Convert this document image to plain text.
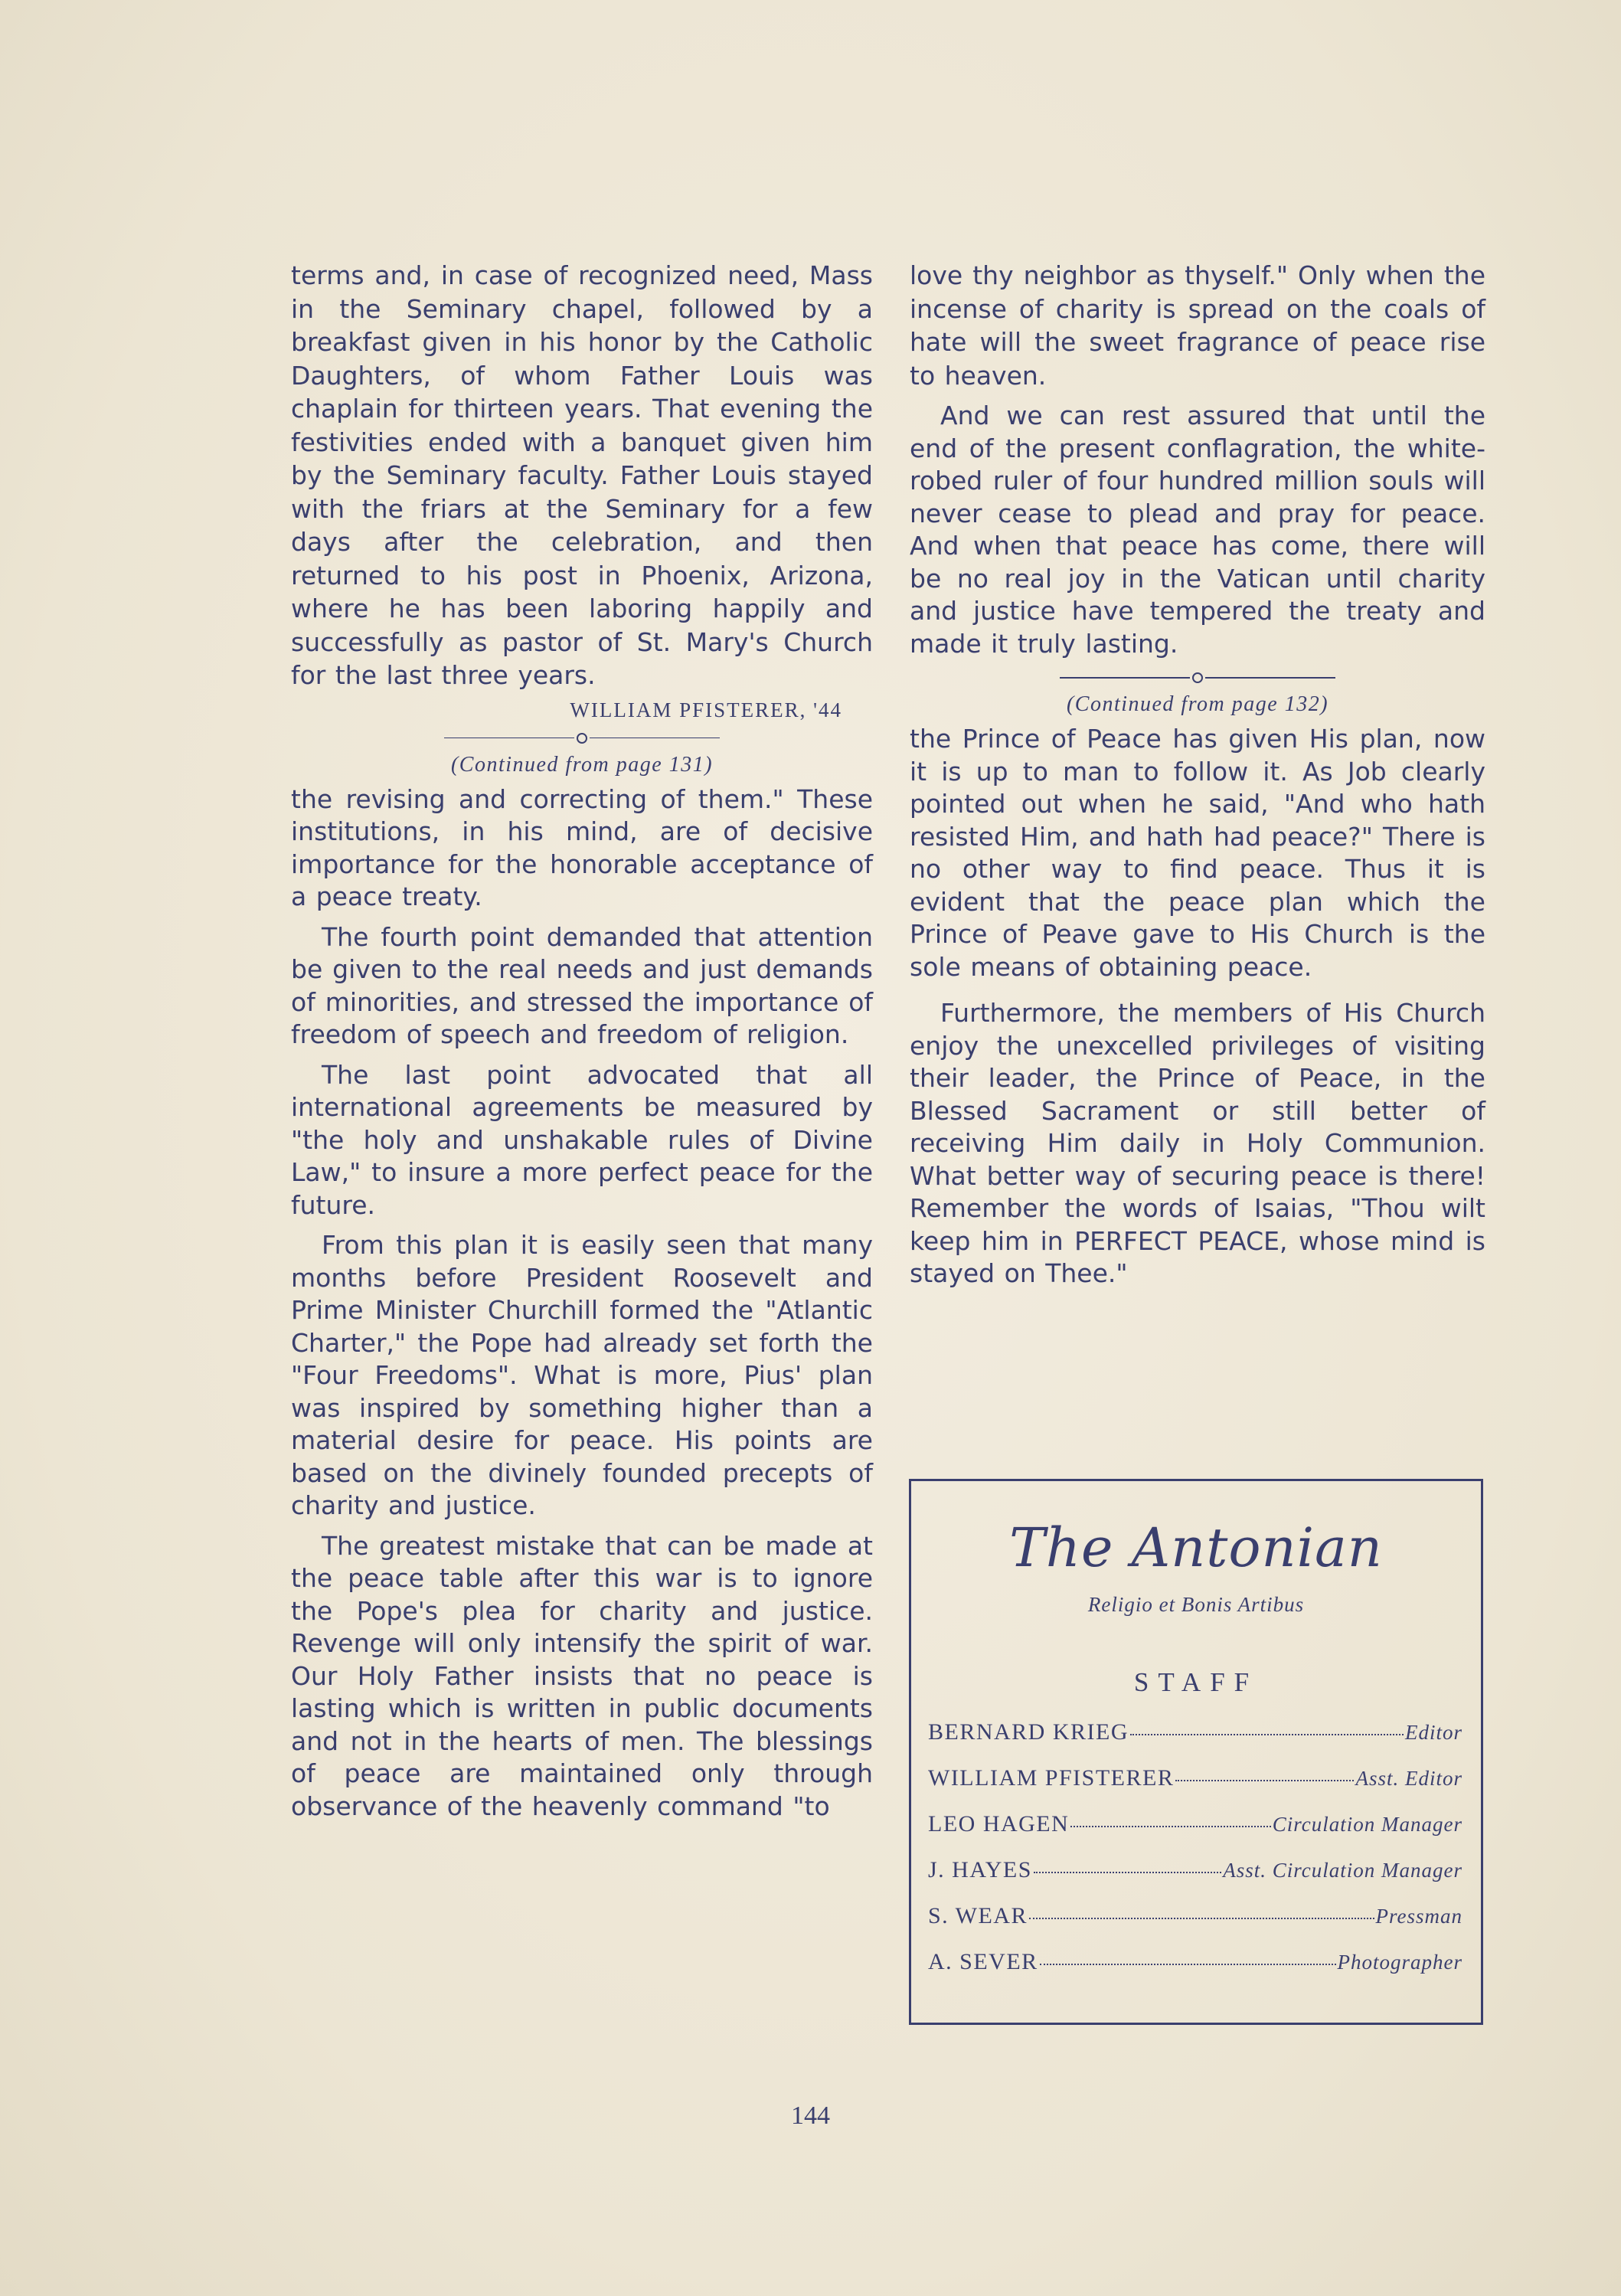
terms and, in case of recognized need, Mass in the Seminary chapel, followed by a breakfast given in his honor by the Catholic Daughters, of whom Father Louis was chaplain for thirteen years. That evening the festivities ended with a banquet given him by the Seminary faculty. Father Louis stayed with the friars at the Seminary for a few days after the celebration, and then returned to his post in Phoenix, Arizona, where he has been laboring happily and successfully as pastor of St. Mary's Church for the last three years.

WILLIAM PFISTERER, '44
(Continued from page 131)

the revising and correcting of them." These institutions, in his mind, are of decisive importance for the honorable acceptance of a peace treaty.

The fourth point demanded that attention be given to the real needs and just demands of minorities, and stressed the importance of freedom of speech and freedom of religion.

The last point advocated that all international agreements be measured by "the holy and unshakable rules of Divine Law," to insure a more perfect peace for the future.

From this plan it is easily seen that many months before President Roosevelt and Prime Minister Churchill formed the "Atlantic Charter," the Pope had already set forth the "Four Freedoms". What is more, Pius' plan was inspired by something higher than a material desire for peace. His points are based on the divinely founded precepts of charity and justice.

The greatest mistake that can be made at the peace table after this war is to ignore the Pope's plea for charity and justice. Revenge will only intensify the spirit of war. Our Holy Father insists that no peace is lasting which is written in public documents and not in the hearts of men. The blessings of peace are maintained only through observance of the heavenly command "to

love thy neighbor as thyself." Only when the incense of charity is spread on the coals of hate will the sweet fragrance of peace rise to heaven.

And we can rest assured that until the end of the present conflagration, the white-robed ruler of four hundred million souls will never cease to plead and pray for peace. And when that peace has come, there will be no real joy in the Vatican until charity and justice have tempered the treaty and made it truly lasting.

(Continued from page 132)

the Prince of Peace has given His plan, now it is up to man to follow it. As Job clearly pointed out when he said, "And who hath resisted Him, and hath had peace?" There is no other way to find peace. Thus it is evident that the peace plan which the Prince of Peave gave to His Church is the sole means of obtaining peace.

Furthermore, the members of His Church enjoy the unexcelled privileges of visiting their leader, the Prince of Peace, in the Blessed Sacrament or still better of receiving Him daily in Holy Communion. What better way of securing peace is there! Remember the words of Isaias, "Thou wilt keep him in PERFECT PEACE, whose mind is stayed on Thee."

The Antonian
Religio et Bonis Artibus
STAFF
BERNARD KRIEG	Editor
WILLIAM PFISTERER	Asst. Editor
LEO HAGEN	Circulation Manager
J. HAYES	Asst. Circulation Manager
S. WEAR	Pressman
A. SEVER	Photographer
144
